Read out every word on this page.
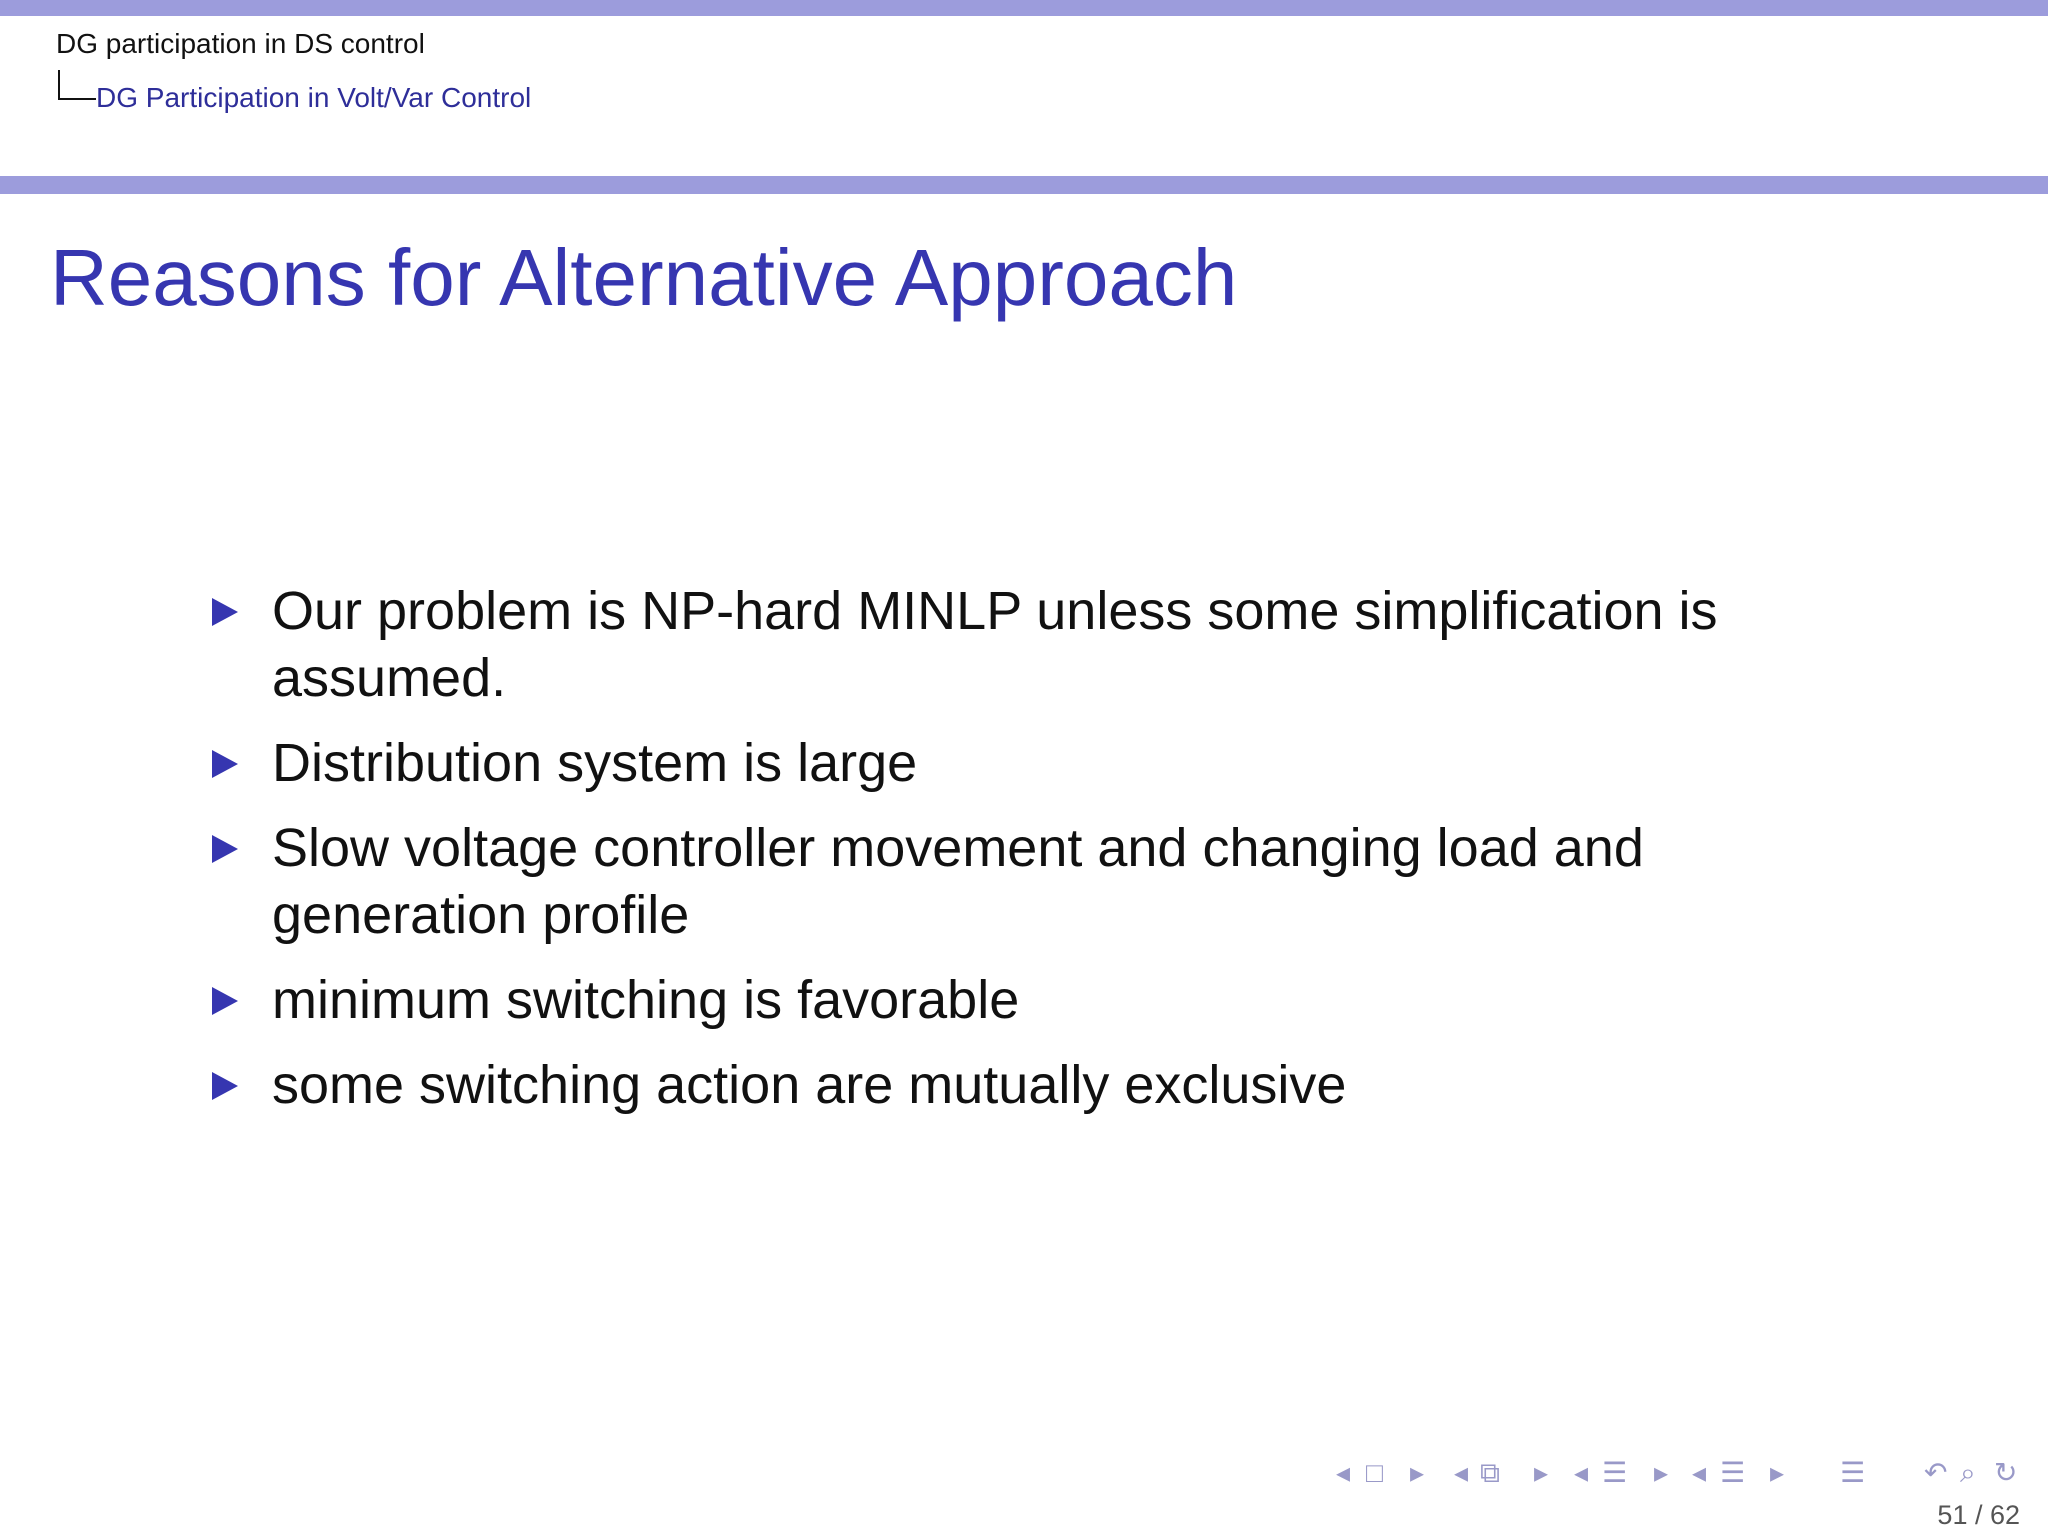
DG participation in DS control
DG Participation in Volt/Var Control
Reasons for Alternative Approach
Our problem is NP-hard MINLP unless some simplification is assumed.
Distribution system is large
Slow voltage controller movement and changing load and generation profile
minimum switching is favorable
some switching action are mutually exclusive
◂ □ ▸ ◂ ⧉ ▸ ◂ ☰ ▸ ◂ ☰ ▸ ☰ ↶ ⌕ ↻
51 / 62
